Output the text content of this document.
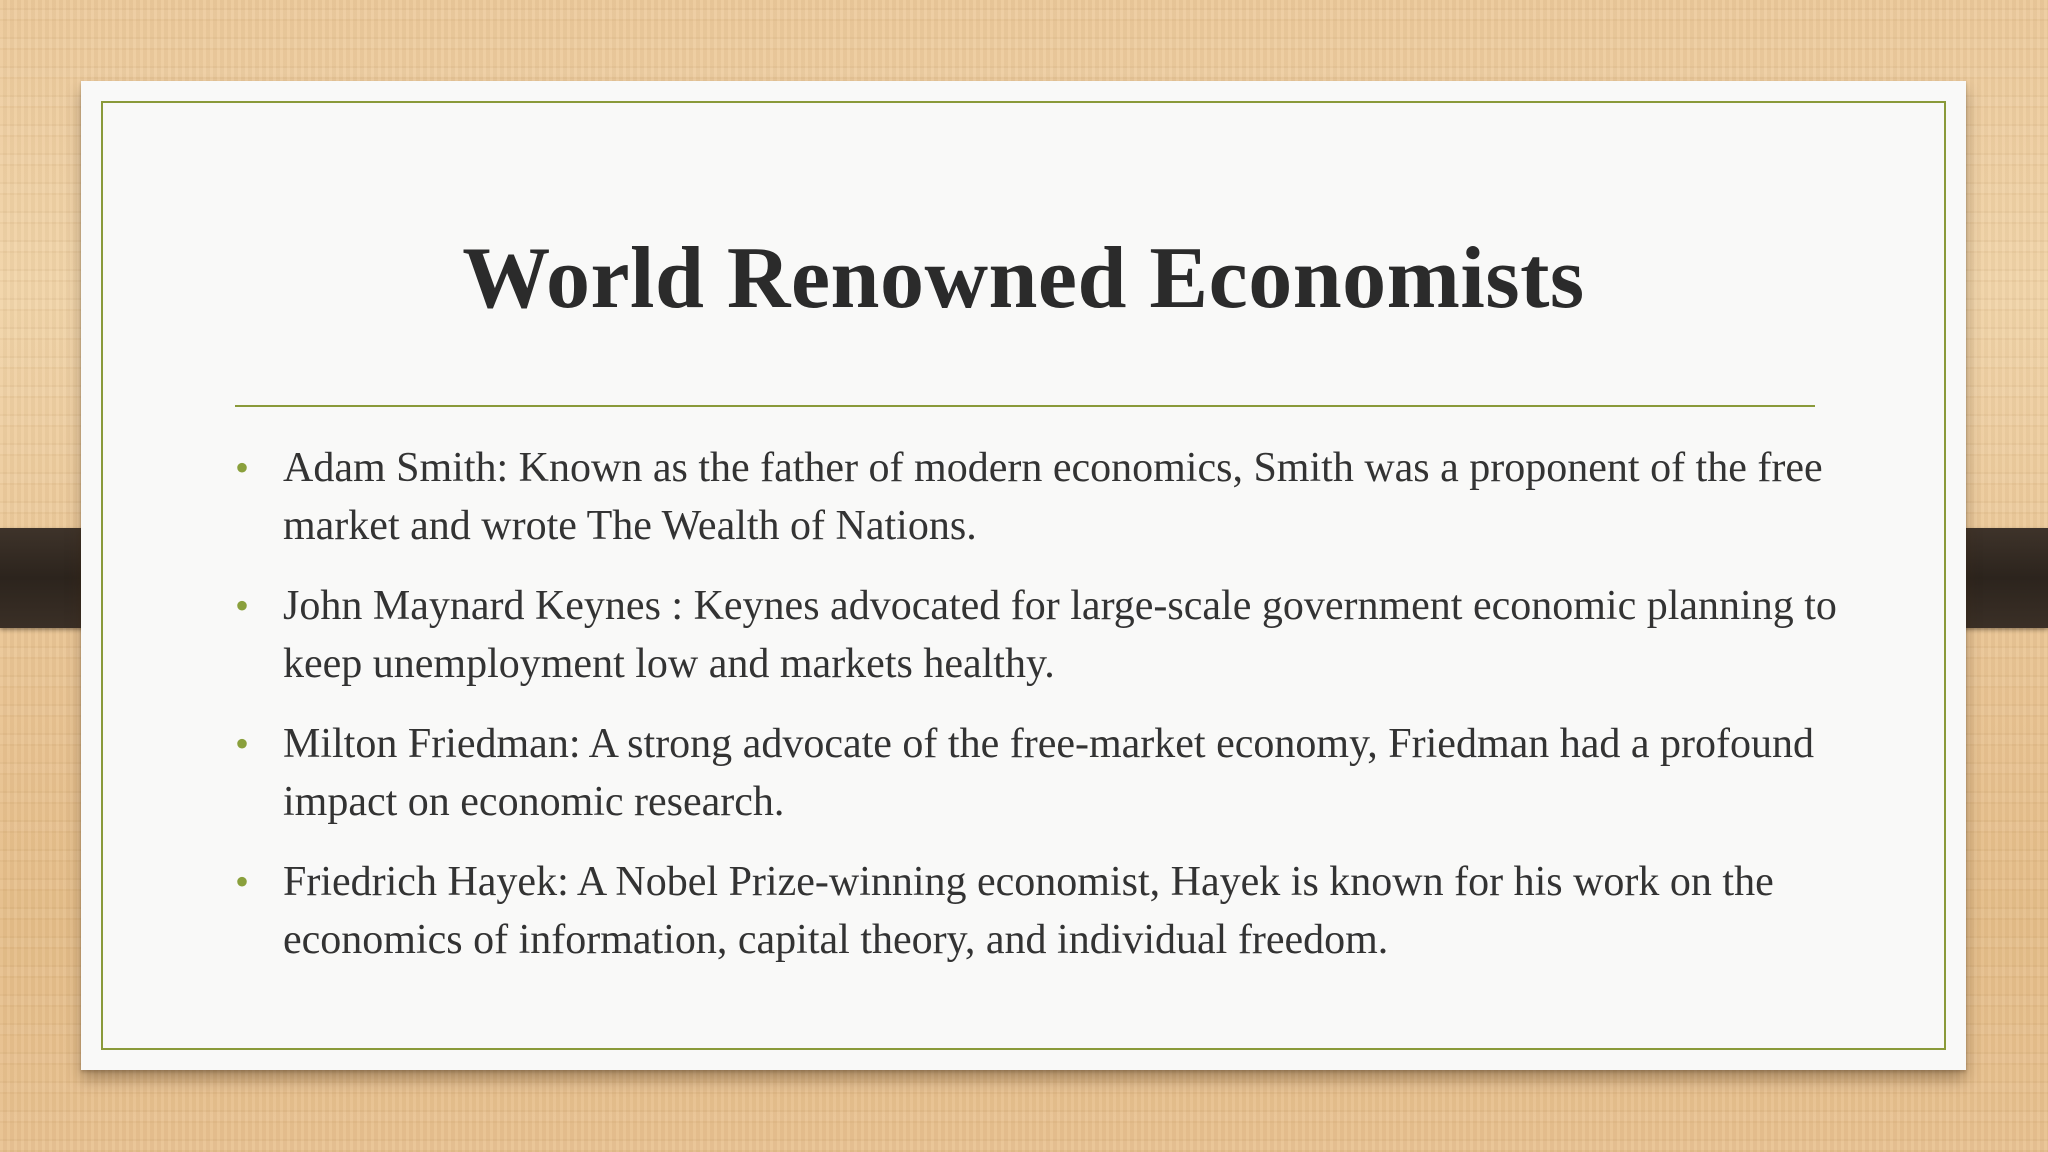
World Renowned Economists
• Adam Smith: Known as the father of modern economics, Smith was a proponent of the free market and wrote The Wealth of Nations.
• John Maynard Keynes : Keynes advocated for large-scale government economic planning to keep unemployment low and markets healthy.
• Milton Friedman: A strong advocate of the free-market economy, Friedman had a profound impact on economic research.
• Friedrich Hayek: A Nobel Prize-winning economist, Hayek is known for his work on the economics of information, capital theory, and individual freedom.
